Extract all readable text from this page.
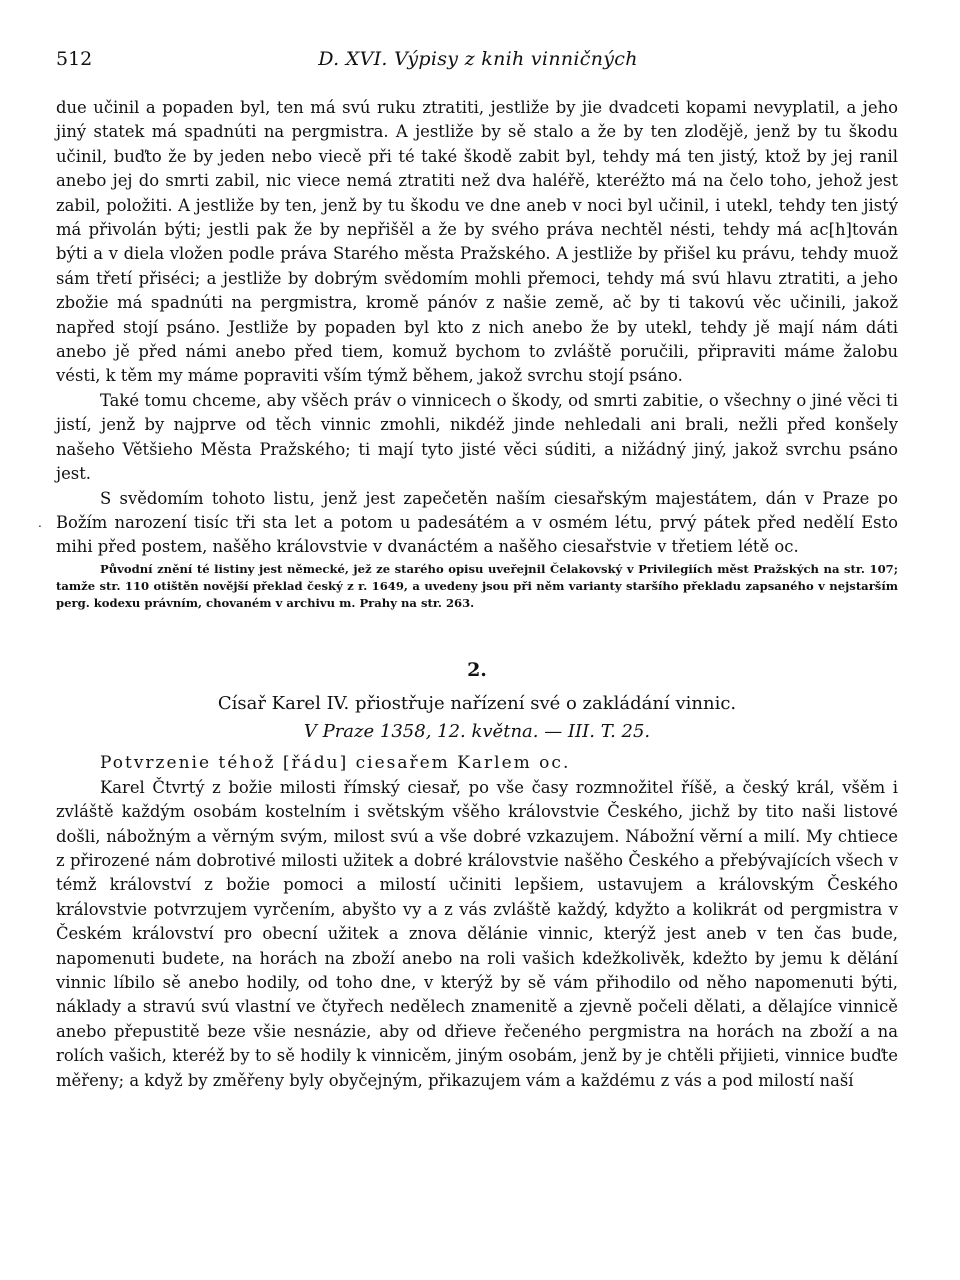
512	D. XVI. Výpisy z knih vinničných
.

due učinil a popaden byl, ten má svú ruku ztratiti, jestliže by jie dvadceti kopami nevyplatil, a jeho jiný statek má spadnúti na pergmistra. A jestliže by sě stalo a že by ten zlodějě, jenž by tu škodu učinil, buďto že by jeden nebo viecě při té také škodě zabit byl, tehdy má ten jistý, ktož by jej ranil anebo jej do smrti zabil, nic viece nemá ztratiti než dva haléřě, kteréžto má na čelo toho, jehož jest zabil, položiti. A jestliže by ten, jenž by tu škodu ve dne aneb v noci byl učinil, i utekl, tehdy ten jistý má přivolán býti; jestli pak že by nepřišěl a že by svého práva nechtěl nésti, tehdy má ac[h]tován býti a v diela vložen podle práva Starého města Pražského. A jestliže by přišel ku právu, tehdy muož sám třetí přiséci; a jestliže by dobrým svědomím mohli přemoci, tehdy má svú hlavu ztratiti, a jeho zbožie má spadnúti na pergmistra, kromě pánóv z našie země, ač by ti takovú věc učinili, jakož napřed stojí psáno. Jestliže by popaden byl kto z nich anebo že by utekl, tehdy jě mají nám dáti anebo jě před námi anebo před tiem, komuž bychom to zvláště poručili, připraviti máme žalobu vésti, k těm my máme popraviti vším týmž během, jakož svrchu stojí psáno.

Také tomu chceme, aby všěch práv o vinnicech o škody, od smrti zabitie, o všechny o jiné věci ti jistí, jenž by najprve od těch vinnic zmohli, nikdéž jinde nehledali ani brali, nežli před konšely našeho Většieho Města Pražského; ti mají tyto jisté věci súditi, a nižádný jiný, jakož svrchu psáno jest.

S svědomím tohoto listu, jenž jest zapečetěn naším ciesařským majestátem, dán v Praze po Božím narození tisíc tři sta let a potom u padesátém a v osmém létu, prvý pátek před nedělí Esto mihi před postem, našěho královstvie v dvanáctém a našěho ciesařstvie v třetiem létě oc.

Původní znění té listiny jest německé, jež ze starého opisu uveřejnil Čelakovský v Privilegiích měst Pražských na str. 107; tamže str. 110 otištěn novější překlad český z r. 1649, a uvedeny jsou při něm varianty staršího překladu zapsaného v nejstarším perg. kodexu právním, chovaném v archivu m. Prahy na str. 263.

2.

Císař Karel IV. přiostřuje nařízení své o zakládání vinnic.

V Praze 1358, 12. května. — III. T. 25.

Potvrzenie téhož [řádu] ciesařem Karlem oc.

Karel Čtvrtý z božie milosti římský ciesař, po vše časy rozmnožitel říšě, a český král, všěm i zvláště každým osobám kostelním i světským všěho královstvie Českého, jichž by tito naši listové došli, nábožným a věrným svým, milost svú a vše dobré vzkazujem. Nábožní věrní a milí. My chtiece z přirozené nám dobrotivé milosti užitek a dobré královstvie našěho Českého a přebývajících všech v témž království z božie pomoci a milostí učiniti lepšiem, ustavujem a královským Českého královstvie potvrzujem vyrčením, abyšto vy a z vás zvláště každý, kdyžto a kolikrát od pergmistra v Českém království pro obecní užitek a znova dělánie vinnic, kterýž jest aneb v ten čas bude, napomenuti budete, na horách na zboží anebo na roli vašich kdežkolivěk, kdežto by jemu k dělání vinnic líbilo sě anebo hodily, od toho dne, v kterýž by sě vám přihodilo od něho napomenuti býti, náklady a stravú svú vlastní ve čtyřech nedělech znamenitě a zjevně počeli dělati, a dělajíce vinnicě anebo přepustitě beze všie nesnázie, aby od dřieve řečeného pergmistra na horách na zboží a na rolích vašich, kteréž by to sě hodily k vinnicěm, jiným osobám, jenž by je chtěli přijieti, vinnice buďte měřeny; a když by změřeny byly obyčejným, přikazujem vám a každému z vás a pod milostí naší
